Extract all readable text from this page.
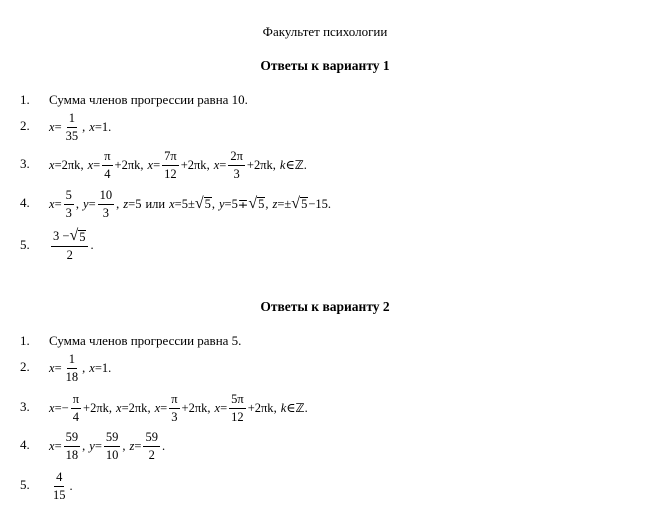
Факультет психологии
Ответы к варианту 1
1.	Сумма членов прогрессии равна 10.
2.	$x = \frac{1}{35}$ , x = 1 .
3.	x = 2πk , $x = \frac{\pi}{4} + 2\pi k$ , $x = \frac{7\pi}{12} + 2\pi k$ , $x = \frac{2\pi}{3} + 2\pi k$ , k ∈ ℤ .
4.	$x = \frac{5}{3}$ , $y = \frac{10}{3}$ , z = 5 или x = 5 ± √ 5 , y = 5 ∓ √ 5 , z = ± √ 5 − 15 .
5.	$\frac{3 - √ 5}{2}$ .
Ответы к варианту 2
1.	Сумма членов прогрессии равна 5.
2.	$x = \frac{1}{18}$ , x = 1 .
3.	x = − $\frac{\pi}{4} + 2\pi k$ , x = 2πk , $x = \frac{\pi}{3} + 2\pi k$ , $x = \frac{5\pi}{12} + 2\pi k$ , k ∈ ℤ .
4.	$x = \frac{59}{18}$ , $y = \frac{59}{10}$ , $z = \frac{59}{2}$ .
5.	$\frac{4}{15}$ .
